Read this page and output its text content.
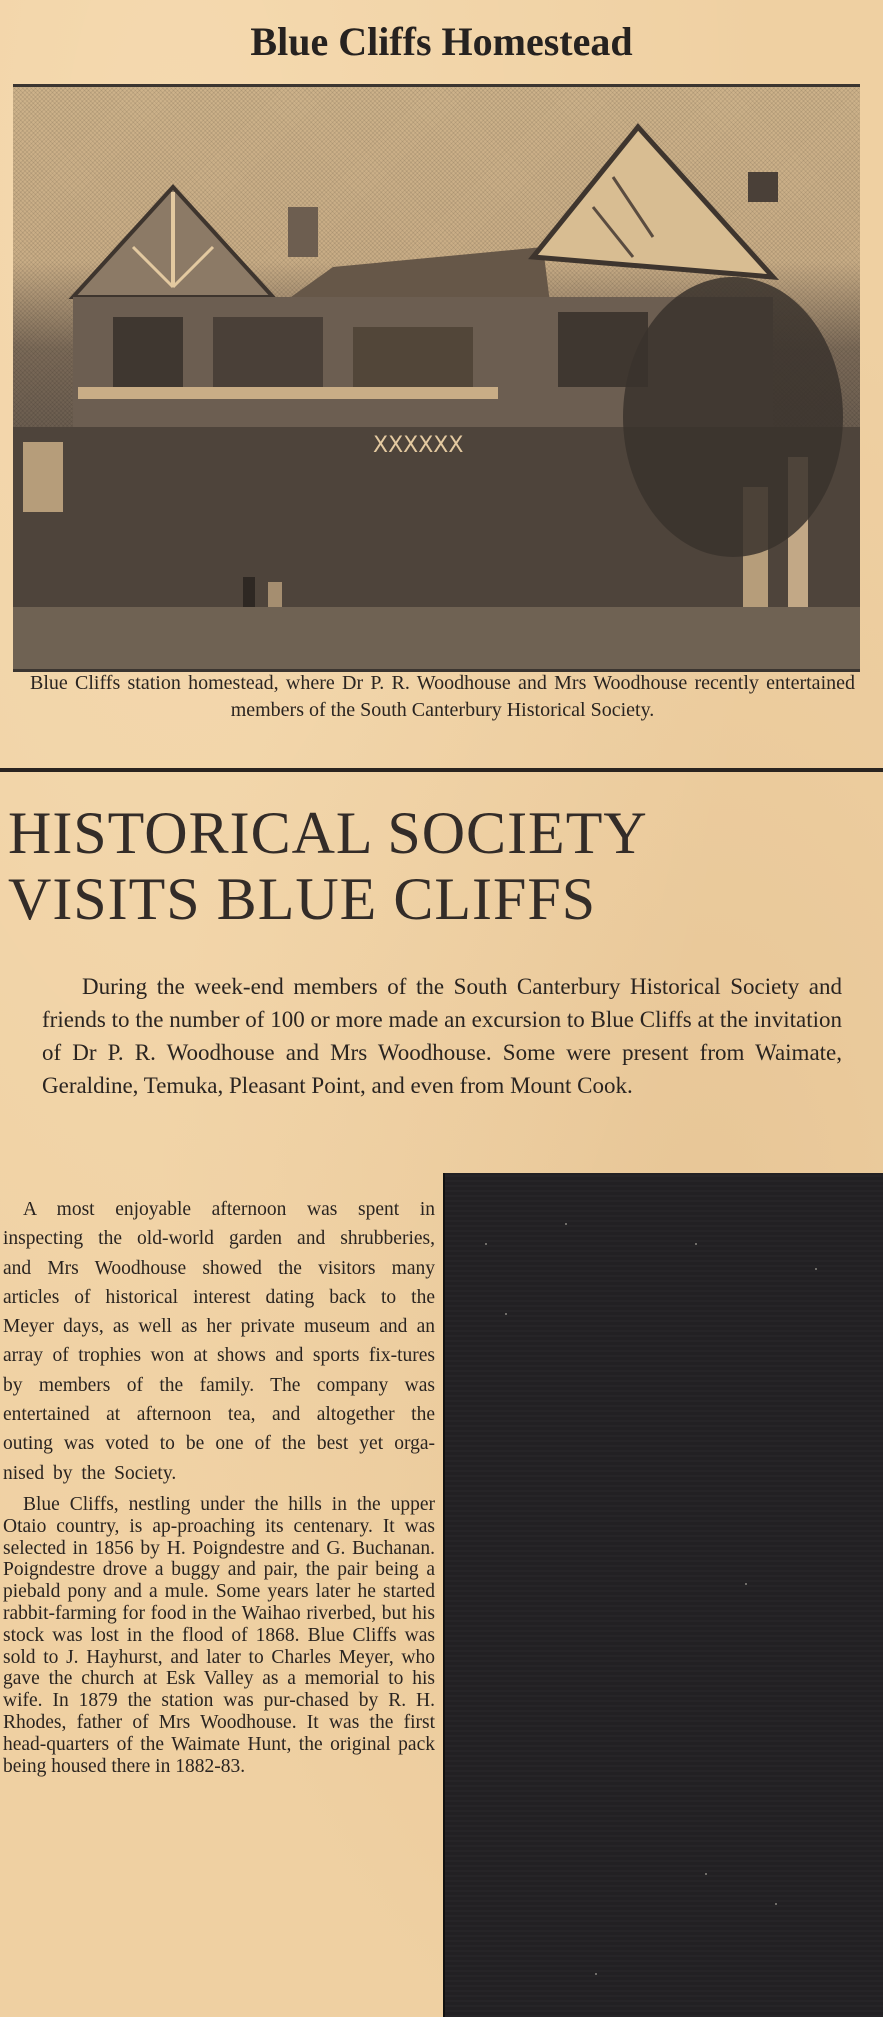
Blue Cliffs Homestead
XXXXXX
Blue Cliffs station homestead, where Dr P. R. Woodhouse and Mrs Woodhouse recently entertained members of the South Canterbury Historical Society.
HISTORICAL SOCIETY
VISITS BLUE CLIFFS

During the week-end members of the South Canterbury Historical Society and friends to the number of 100 or more made an excursion to Blue Cliffs at the invitation of Dr P. R. Woodhouse and Mrs Woodhouse. Some were present from Waimate, Geraldine, Temuka, Pleasant Point, and even from Mount Cook.

A most enjoyable afternoon was spent in inspecting the old-world garden and shrubberies, and Mrs Woodhouse showed the visitors many articles of historical interest dating back to the Meyer days, as well as her private museum and an array of trophies won at shows and sports fix-tures by members of the family. The company was entertained at afternoon tea, and altogether the outing was voted to be one of the best yet orga-nised by the Society.

Blue Cliffs, nestling under the hills in the upper Otaio country, is ap-proaching its centenary. It was selected in 1856 by H. Poigndestre and G. Buchanan. Poigndestre drove a buggy and pair, the pair being a piebald pony and a mule. Some years later he started rabbit-farming for food in the Waihao riverbed, but his stock was lost in the flood of 1868. Blue Cliffs was sold to J. Hayhurst, and later to Charles Meyer, who gave the church at Esk Valley as a memorial to his wife. In 1879 the station was pur-chased by R. H. Rhodes, father of Mrs Woodhouse. It was the first head-quarters of the Waimate Hunt, the original pack being housed there in 1882-83.
